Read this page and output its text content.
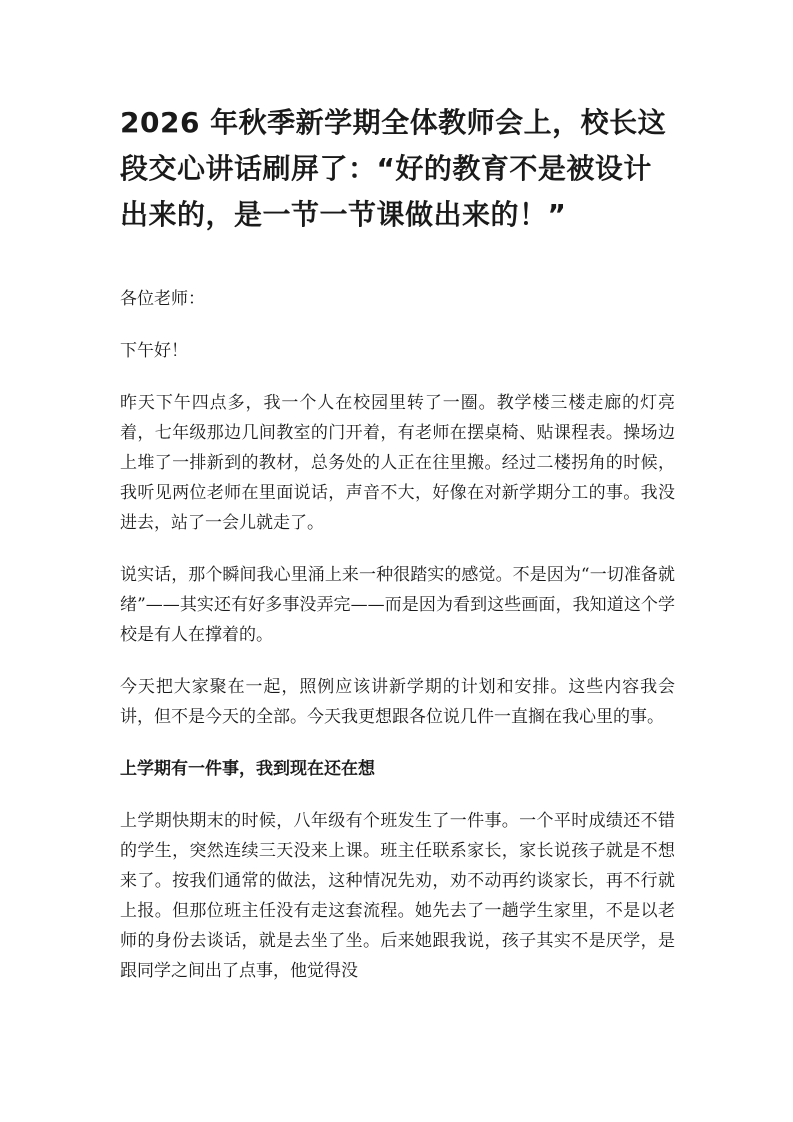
2026 年秋季新学期全体教师会上，校长这段交心讲话刷屏了：“好的教育不是被设计出来的，是一节一节课做出来的！”

各位老师：

下午好！

昨天下午四点多，我一个人在校园里转了一圈。教学楼三楼走廊的灯亮着，七年级那边几间教室的门开着，有老师在摆桌椅、贴课程表。操场边上堆了一排新到的教材，总务处的人正在往里搬。经过二楼拐角的时候，我听见两位老师在里面说话，声音不大，好像在对新学期分工的事。我没进去，站了一会儿就走了。

说实话，那个瞬间我心里涌上来一种很踏实的感觉。不是因为“一切准备就绪”——其实还有好多事没弄完——而是因为看到这些画面，我知道这个学校是有人在撑着的。

今天把大家聚在一起，照例应该讲新学期的计划和安排。这些内容我会讲，但不是今天的全部。今天我更想跟各位说几件一直搁在我心里的事。

上学期有一件事，我到现在还在想

上学期快期末的时候，八年级有个班发生了一件事。一个平时成绩还不错的学生，突然连续三天没来上课。班主任联系家长，家长说孩子就是不想来了。按我们通常的做法，这种情况先劝，劝不动再约谈家长，再不行就上报。但那位班主任没有走这套流程。她先去了一趟学生家里，不是以老师的身份去谈话，就是去坐了坐。后来她跟我说，孩子其实不是厌学，是跟同学之间出了点事，他觉得没
